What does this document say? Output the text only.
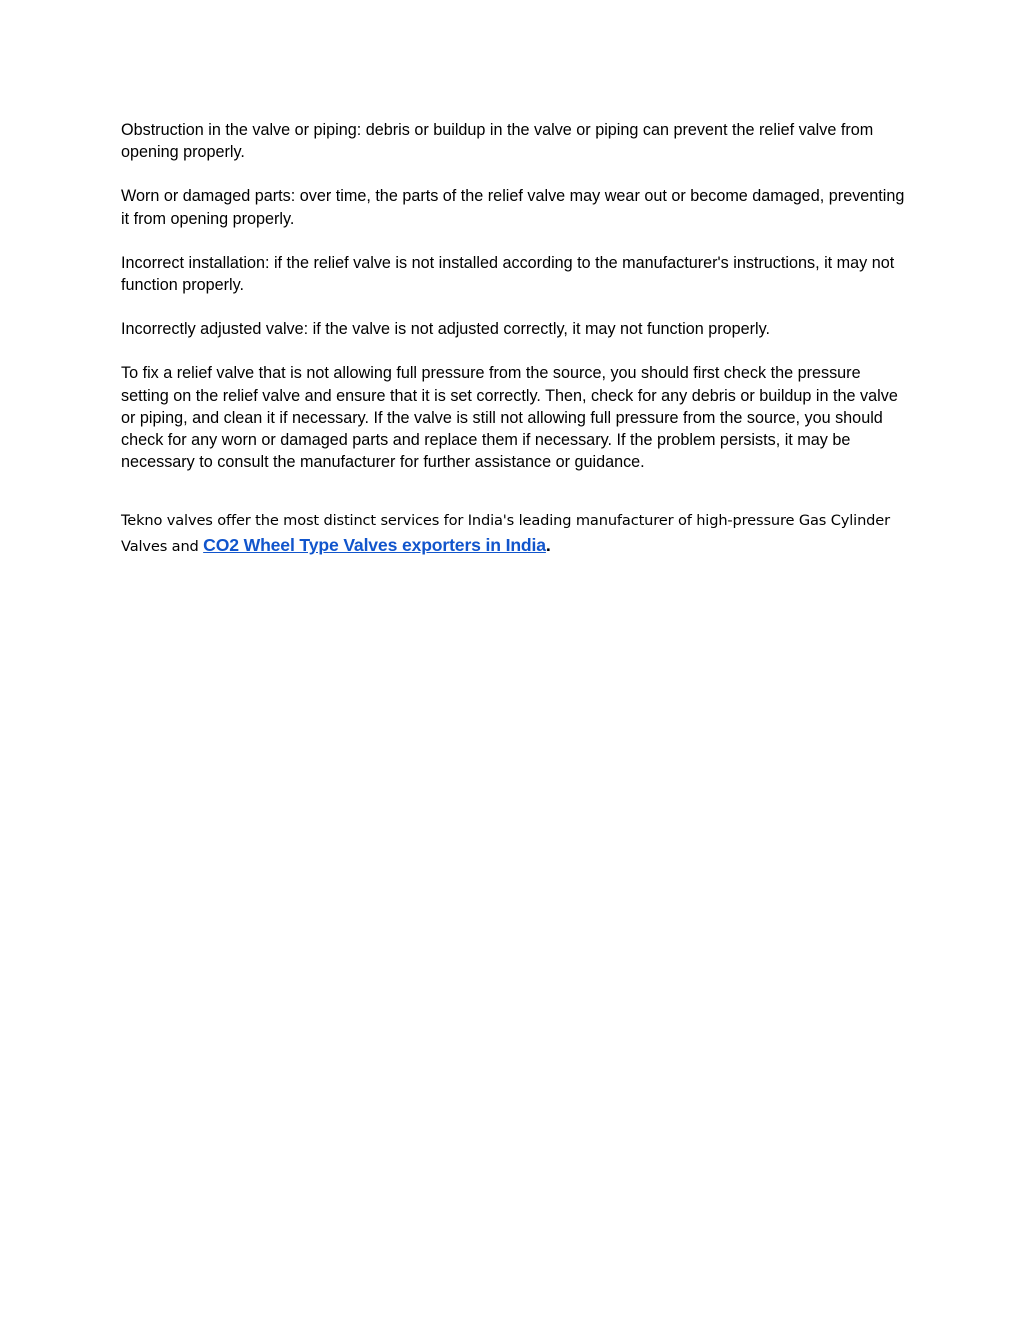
Obstruction in the valve or piping: debris or buildup in the valve or piping can prevent the relief valve from opening properly.

Worn or damaged parts: over time, the parts of the relief valve may wear out or become damaged, preventing it from opening properly.

Incorrect installation: if the relief valve is not installed according to the manufacturer's instructions, it may not function properly.

Incorrectly adjusted valve: if the valve is not adjusted correctly, it may not function properly.

To fix a relief valve that is not allowing full pressure from the source, you should first check the pressure setting on the relief valve and ensure that it is set correctly. Then, check for any debris or buildup in the valve or piping, and clean it if necessary. If the valve is still not allowing full pressure from the source, you should check for any worn or damaged parts and replace them if necessary. If the problem persists, it may be necessary to consult the manufacturer for further assistance or guidance.

Tekno valves offer the most distinct services for India's leading manufacturer of high-pressure Gas Cylinder Valves and CO2 Wheel Type Valves exporters in India.
